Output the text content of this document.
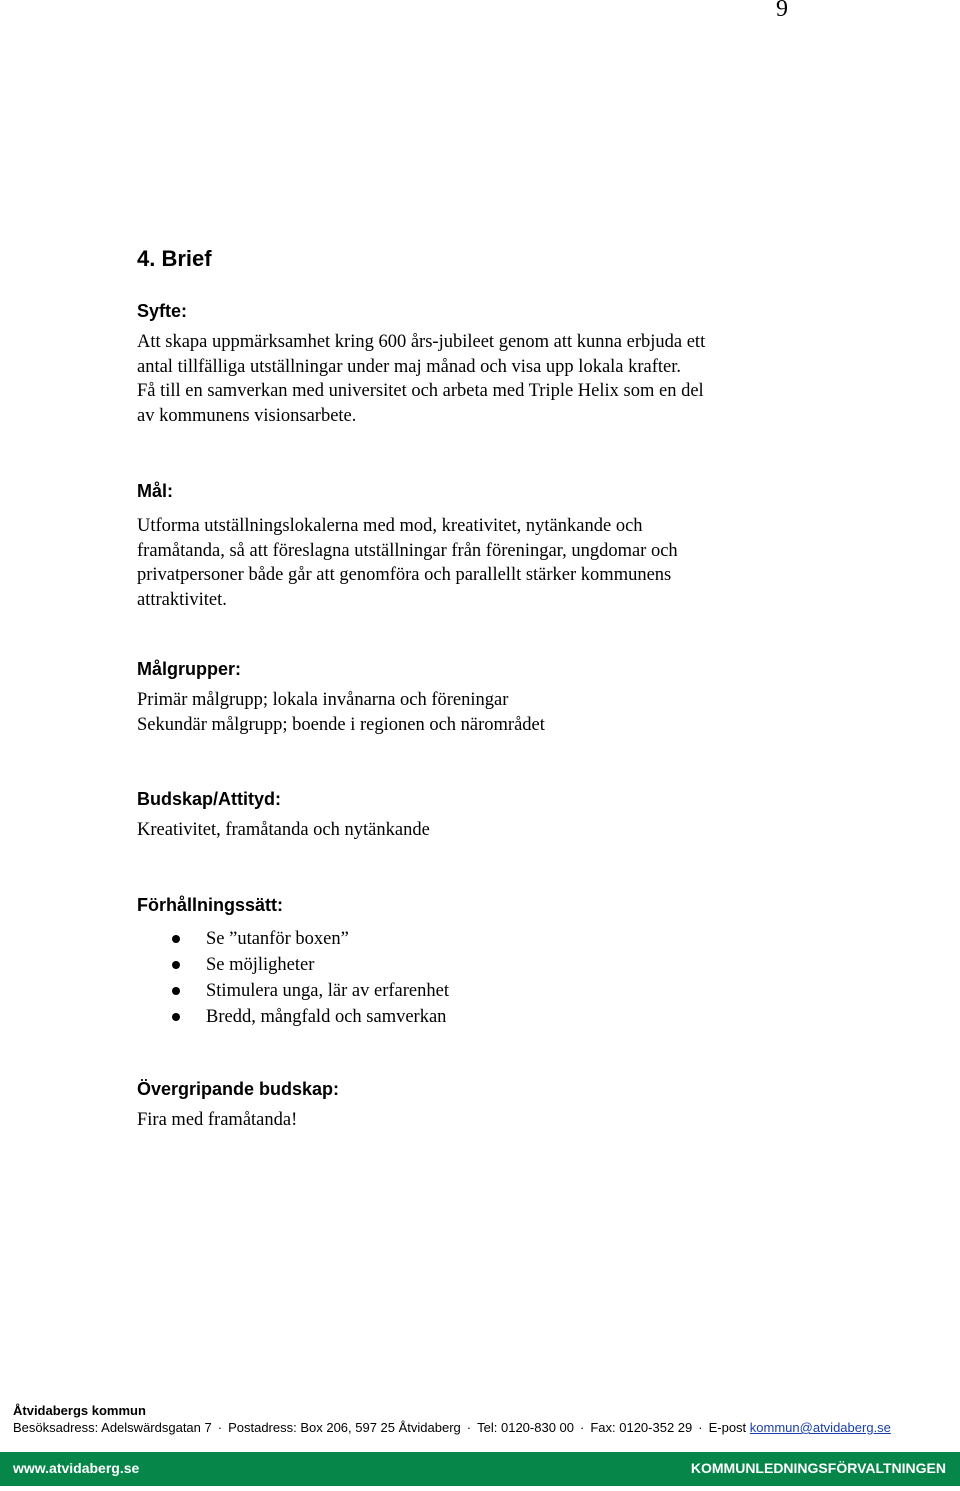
9
4. Brief
Syfte:

Att skapa uppmärksamhet kring 600 års-jubileet genom att kunna erbjuda ett

antal tillfälliga utställningar under maj månad och visa upp lokala krafter.

Få till en samverkan med universitet och arbeta med Triple Helix som en del

av kommunens visionsarbete.

Mål:

Utforma utställningslokalerna med mod, kreativitet, nytänkande och

framåtanda, så att föreslagna utställningar från föreningar, ungdomar och

privatpersoner både går att genomföra och parallellt stärker kommunens

attraktivitet.

Målgrupper:

Primär målgrupp; lokala invånarna och föreningar

Sekundär målgrupp; boende i regionen och närområdet

Budskap/Attityd:

Kreativitet, framåtanda och nytänkande

Förhållningssätt:
Se ”utanför boxen”
Se möjligheter
Stimulera unga, lär av erfarenhet
Bredd, mångfald och samverkan
Övergripande budskap:

Fira med framåtanda!

Åtvidabergs kommun
Besöksadress: Adelswärdsgatan 7 · Postadress: Box 206, 597 25 Åtvidaberg · Tel: 0120-830 00 · Fax: 0120-352 29 · E-post kommun@atvidaberg.se
www.atvidaberg.se	KOMMUNLEDNINGSFÖRVALTNINGEN
